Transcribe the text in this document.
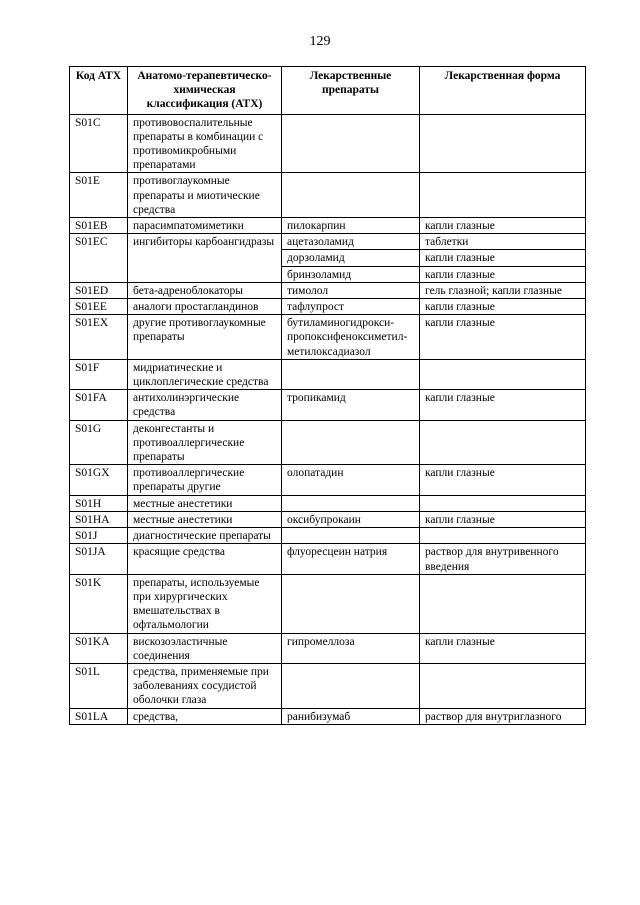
129
Код АТХ	Анатомо-терапевтическо-химическая классификация (АТХ)	Лекарственные препараты	Лекарственная форма
S01C	противовоспалительные препараты в комбинации с противомикробными препаратами		
S01E	противоглаукомные препараты и миотические средства		
S01EB	парасимпатомиметики	пилокарпин	капли глазные
S01EC	ингибиторы карбоангидразы	ацетазоламид	таблетки
		дорзоламид	капли глазные
		бринзоламид	капли глазные
S01ED	бета-адреноблокаторы	тимолол	гель глазной; капли глазные
S01EE	аналоги простагландинов	тафлупрост	капли глазные
S01EX	другие противоглаукомные препараты	бутиламиногидрокси-пропоксифеноксиметил-метилоксадиазол	капли глазные
S01F	мидриатические и циклоплегические средства		
S01FA	антихолинэргические средства	тропикамид	капли глазные
S01G	деконгестанты и противоаллергические препараты		
S01GX	противоаллергические препараты другие	олопатадин	капли глазные
S01H	местные анестетики		
S01HA	местные анестетики	оксибупрокаин	капли глазные
S01J	диагностические препараты		
S01JA	красящие средства	флуоресцеин натрия	раствор для внутривенного введения
S01K	препараты, используемые при хирургических вмешательствах в офтальмологии		
S01KA	вискозоэластичные соединения	гипромеллоза	капли глазные
S01L	средства, применяемые при заболеваниях сосудистой оболочки глаза		
S01LA	средства,	ранибизумаб	раствор для внутриглазного
